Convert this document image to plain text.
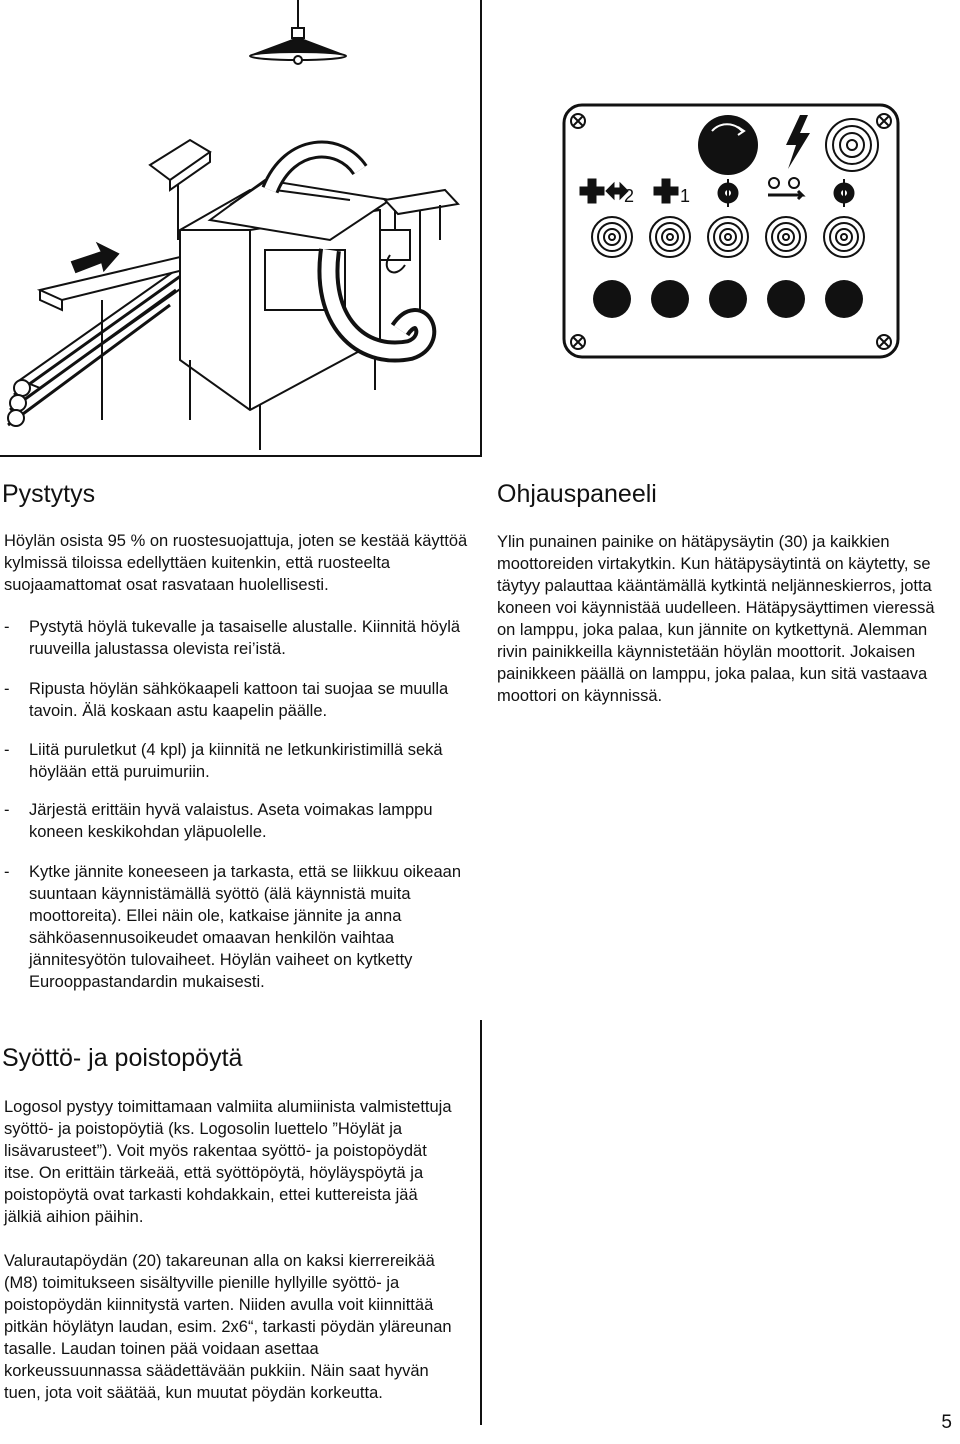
2	1
Pystytys

Höylän osista 95 % on ruostesuojattuja, joten se kestää käyttöä kylmissä tiloissa edellyttäen kuitenkin, että ruosteelta suojaamattomat osat rasvataan huolellisesti.

-	Pystytä höylä tukevalle ja tasaiselle alustalle. Kiinnitä höylä ruuveilla jalustassa olevista rei’istä.
-	Ripusta höylän sähkökaapeli kattoon tai suojaa se muulla tavoin. Älä koskaan astu kaapelin päälle.
-	Liitä puruletkut (4 kpl) ja kiinnitä ne letkunkiristimillä sekä höylään että puruimuriin.
-	Järjestä erittäin hyvä valaistus. Aseta voimakas lamppu koneen keskikohdan yläpuolelle.
-	Kytke jännite koneeseen ja tarkasta, että se liikkuu oikeaan suuntaan käynnistämällä syöttö (älä käynnistä muita moottoreita). Ellei näin ole, katkaise jännite ja anna sähköasennusoikeudet omaavan henkilön vaihtaa jännitesyötön tulovaiheet. Höylän vaiheet on kytketty Eurooppastandardin mukaisesti.
Ohjauspaneeli

Ylin punainen painike on hätäpysäytin (30) ja kaikkien moottoreiden virtakytkin. Kun hätäpysäytintä on käytetty, se täytyy palauttaa kääntämällä kytkintä neljänneskierros, jotta koneen voi käynnistää uudelleen. Hätäpysäyttimen vieressä on lamppu, joka palaa, kun jännite on kytkettynä. Alemman rivin painikkeilla käynnistetään höylän moottorit. Jokaisen painikkeen päällä on lamppu, joka palaa, kun sitä vastaava moottori on käynnissä.

Syöttö- ja poistopöytä

Logosol pystyy toimittamaan valmiita alumiinista valmistettuja syöttö- ja poistopöytiä (ks. Logosolin luettelo ”Höylät ja lisävarusteet”). Voit myös rakentaa syöttö- ja poistopöydät itse. On erittäin tärkeää, että syöttöpöytä, höyläyspöytä ja poistopöytä ovat tarkasti kohdakkain, ettei kuttereista jää jälkiä aihion päihin.

Valurautapöydän (20) takareunan alla on kaksi kierrereikää (M8) toimitukseen sisältyville pienille hyllyille syöttö- ja poistopöydän kiinnitystä varten. Niiden avulla voit kiinnittää pitkän höylätyn laudan, esim. 2x6“, tarkasti pöydän yläreunan tasalle. Laudan toinen pää voidaan asettaa korkeussuunnassa säädettävään pukkiin. Näin saat hyvän tuen, jota voit säätää, kun muutat pöydän korkeutta.

5
